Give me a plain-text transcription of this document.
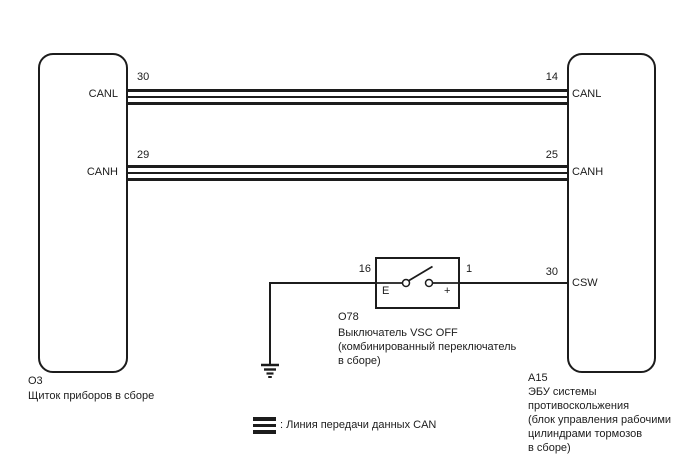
CANL
CANH
30
29
O3
Щиток приборов в сборе
CANL
CANH
CSW
14
25
30
A15
ЭБУ системы
противоскольжения
(блок управления рабочими
цилиндрами тормозов
в сборе)
E	+
16	1
O78
Выключатель VSC OFF
(комбинированный переключатель
в сборе)
: Линия передачи данных CAN
